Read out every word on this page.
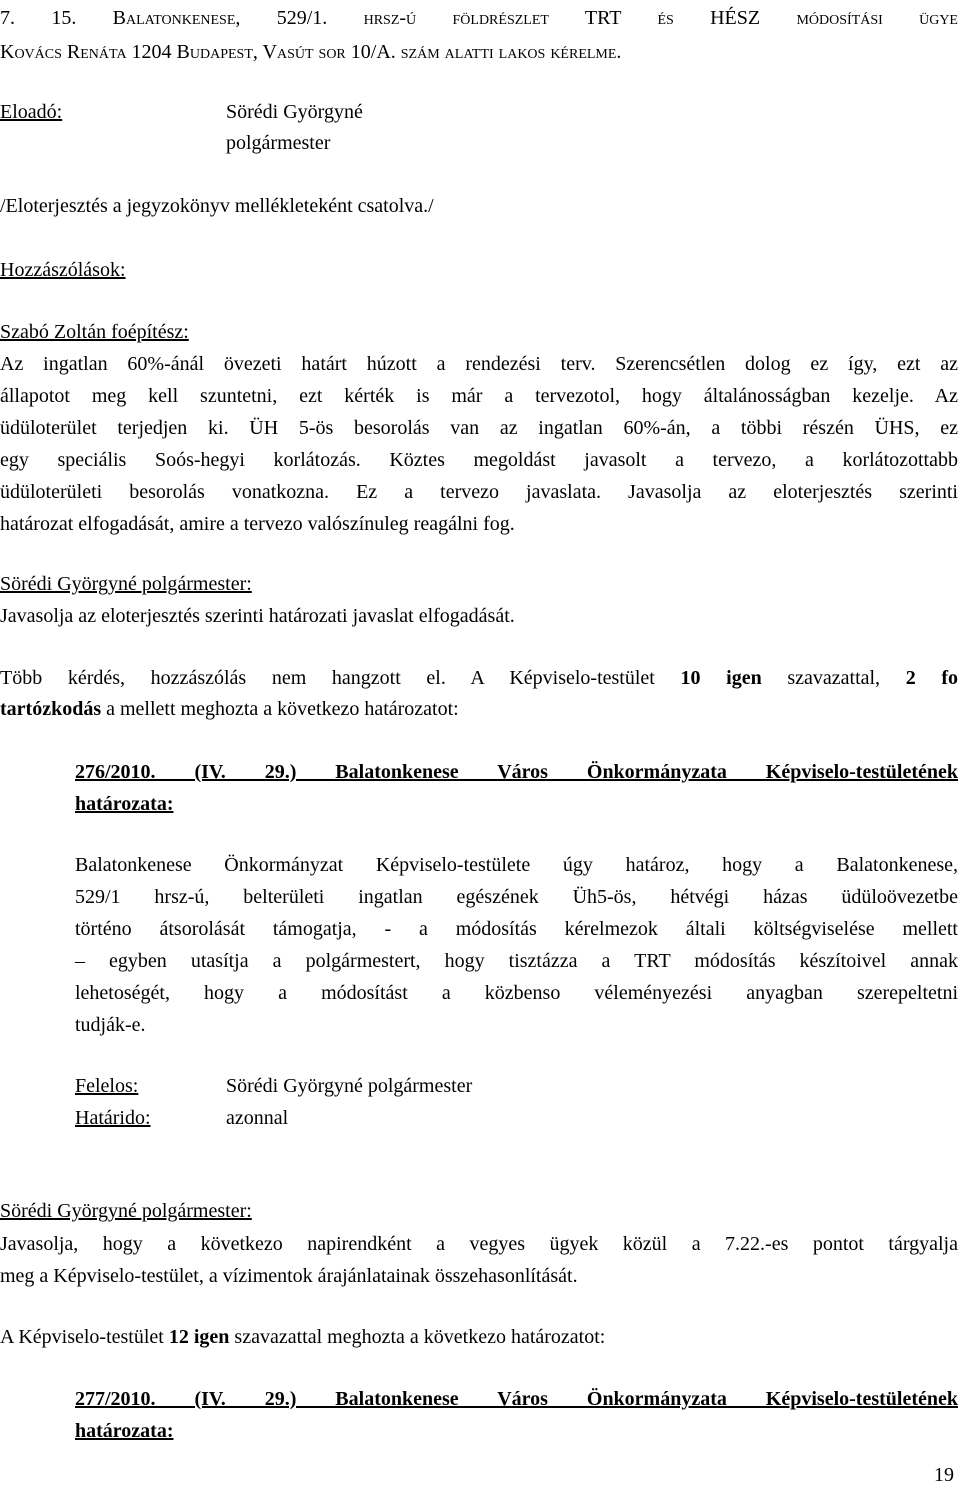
7. 15. Balatonkenese, 529/1. hrsz-ú földrészlet TRT és HÉSZ módosítási ügye
Kovács Renáta 1204 Budapest, Vasút sor 10/A. szám alatti lakos kérelme.
Eloadó:	Sörédi Györgyné
polgármester
/Eloterjesztés a jegyzokönyv mellékleteként csatolva./
Hozzászólások:
Szabó Zoltán foépítész:
Az ingatlan 60%-ánál övezeti határt húzott a rendezési terv. Szerencsétlen dolog ez így, ezt az
állapotot meg kell szuntetni, ezt kérték is már a tervezotol, hogy általánosságban kezelje. Az
üdüloterület terjedjen ki. ÜH 5-ös besorolás van az ingatlan 60%-án, a többi részén ÜHS, ez
egy speciális Soós-hegyi korlátozás. Köztes megoldást javasolt a tervezo, a korlátozottabb
üdüloterületi besorolás vonatkozna. Ez a tervezo javaslata. Javasolja az eloterjesztés szerinti
határozat elfogadását, amire a tervezo valószínuleg reagálni fog.
Sörédi Györgyné polgármester:
Javasolja az eloterjesztés szerinti határozati javaslat elfogadását.
Több kérdés, hozzászólás nem hangzott el. A Képviselo-testület 10 igen szavazattal, 2 fo
tartózkodás a mellett meghozta a következo határozatot:
276/2010. (IV. 29.) Balatonkenese Város Önkormányzata Képviselo-testületének
határozata:
Balatonkenese Önkormányzat Képviselo-testülete úgy határoz, hogy a Balatonkenese,
529/1 hrsz-ú, belterületi ingatlan egészének Üh5-ös, hétvégi házas üdüloövezetbe
történo átsorolását támogatja, - a módosítás kérelmezok általi költségviselése mellett
– egyben utasítja a polgármestert, hogy tisztázza a TRT módosítás készítoivel annak
lehetoségét, hogy a módosítást a közbenso véleményezési anyagban szerepeltetni
tudják-e.
Felelos:	Sörédi Györgyné polgármester
Határido:	azonnal
Sörédi Györgyné polgármester:
Javasolja, hogy a következo napirendként a vegyes ügyek közül a 7.22.-es pontot tárgyalja
meg a Képviselo-testület, a vízimentok árajánlatainak összehasonlítását.
A Képviselo-testület 12 igen szavazattal meghozta a következo határozatot:
277/2010. (IV. 29.) Balatonkenese Város Önkormányzata Képviselo-testületének
határozata:
19
